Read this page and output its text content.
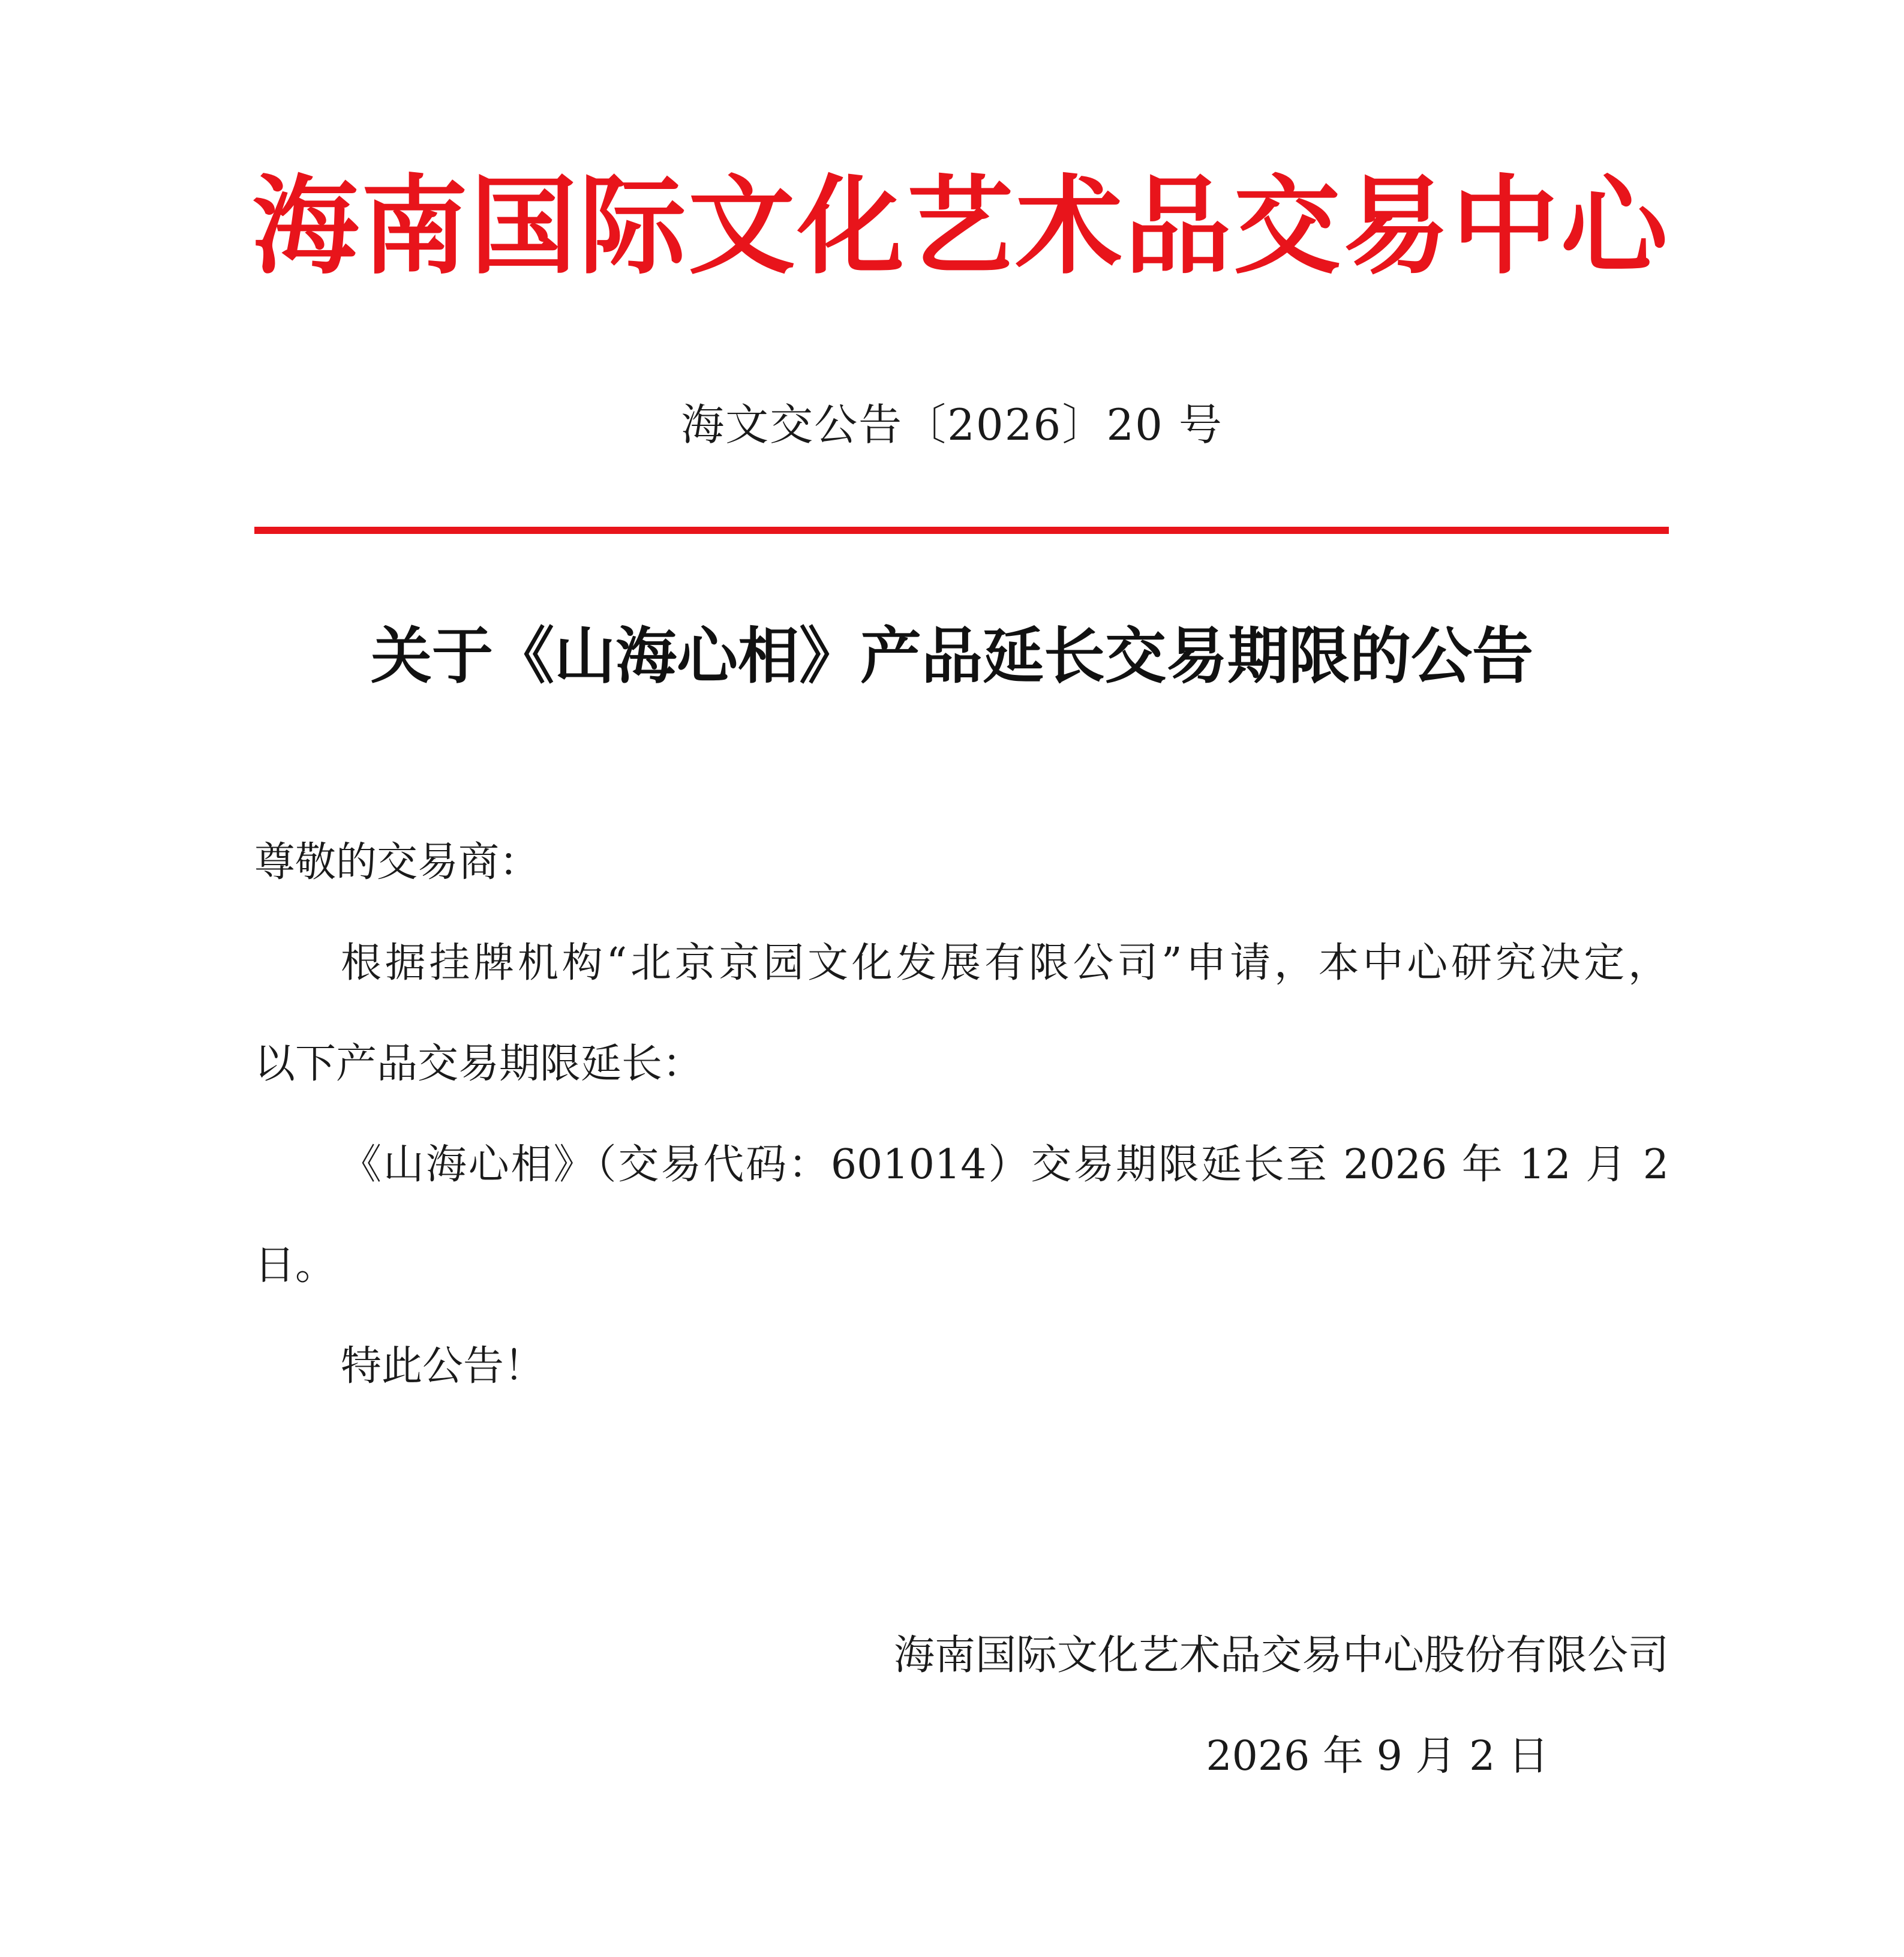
海 南 国 际 文 化 艺 术 品 交 易 中 心
海文交公告〔2026〕20 号
关于《山海心相》产品延长交易期限的公告
尊敬的交易商：
根据挂牌机构“北京京园文化发展有限公司”申请，本中心研究决定，
以下产品交易期限延长：
《山海心相》（交易代码：601014）交易期限延长至 2026 年 12 月 2
日。
特此公告！
海南国际文化艺术品交易中心股份有限公司
2026 年 9 月 2 日
